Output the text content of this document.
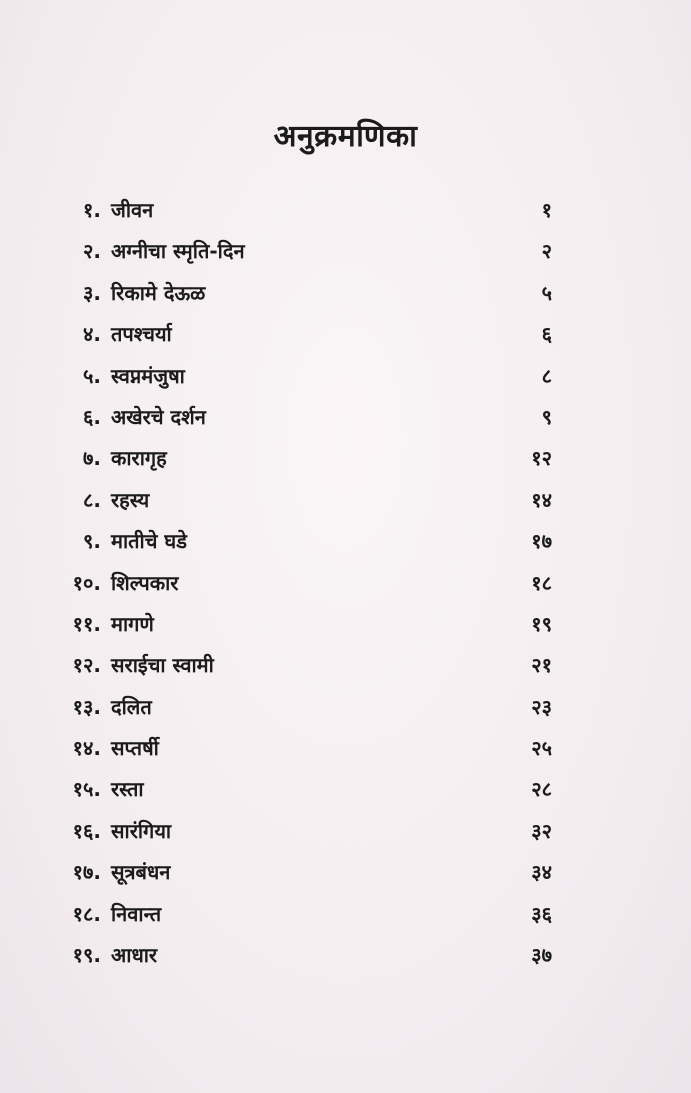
अनुक्रमणिका
१. जीवन	१
२. अग्नीचा स्मृति-दिन	२
३. रिकामे देऊळ	५
४. तपश्चर्या	६
५. स्वप्नमंजुषा	८
६. अखेरचे दर्शन	९
७. कारागृह	१२
८. रहस्य	१४
९. मातीचे घडे	१७
१०. शिल्पकार	१८
११. मागणे	१९
१२. सराईचा स्वामी	२१
१३. दलित	२३
१४. सप्तर्षी	२५
१५. रस्ता	२८
१६. सारंगिया	३२
१७. सूत्रबंधन	३४
१८. निवान्त	३६
१९. आधार	३७
